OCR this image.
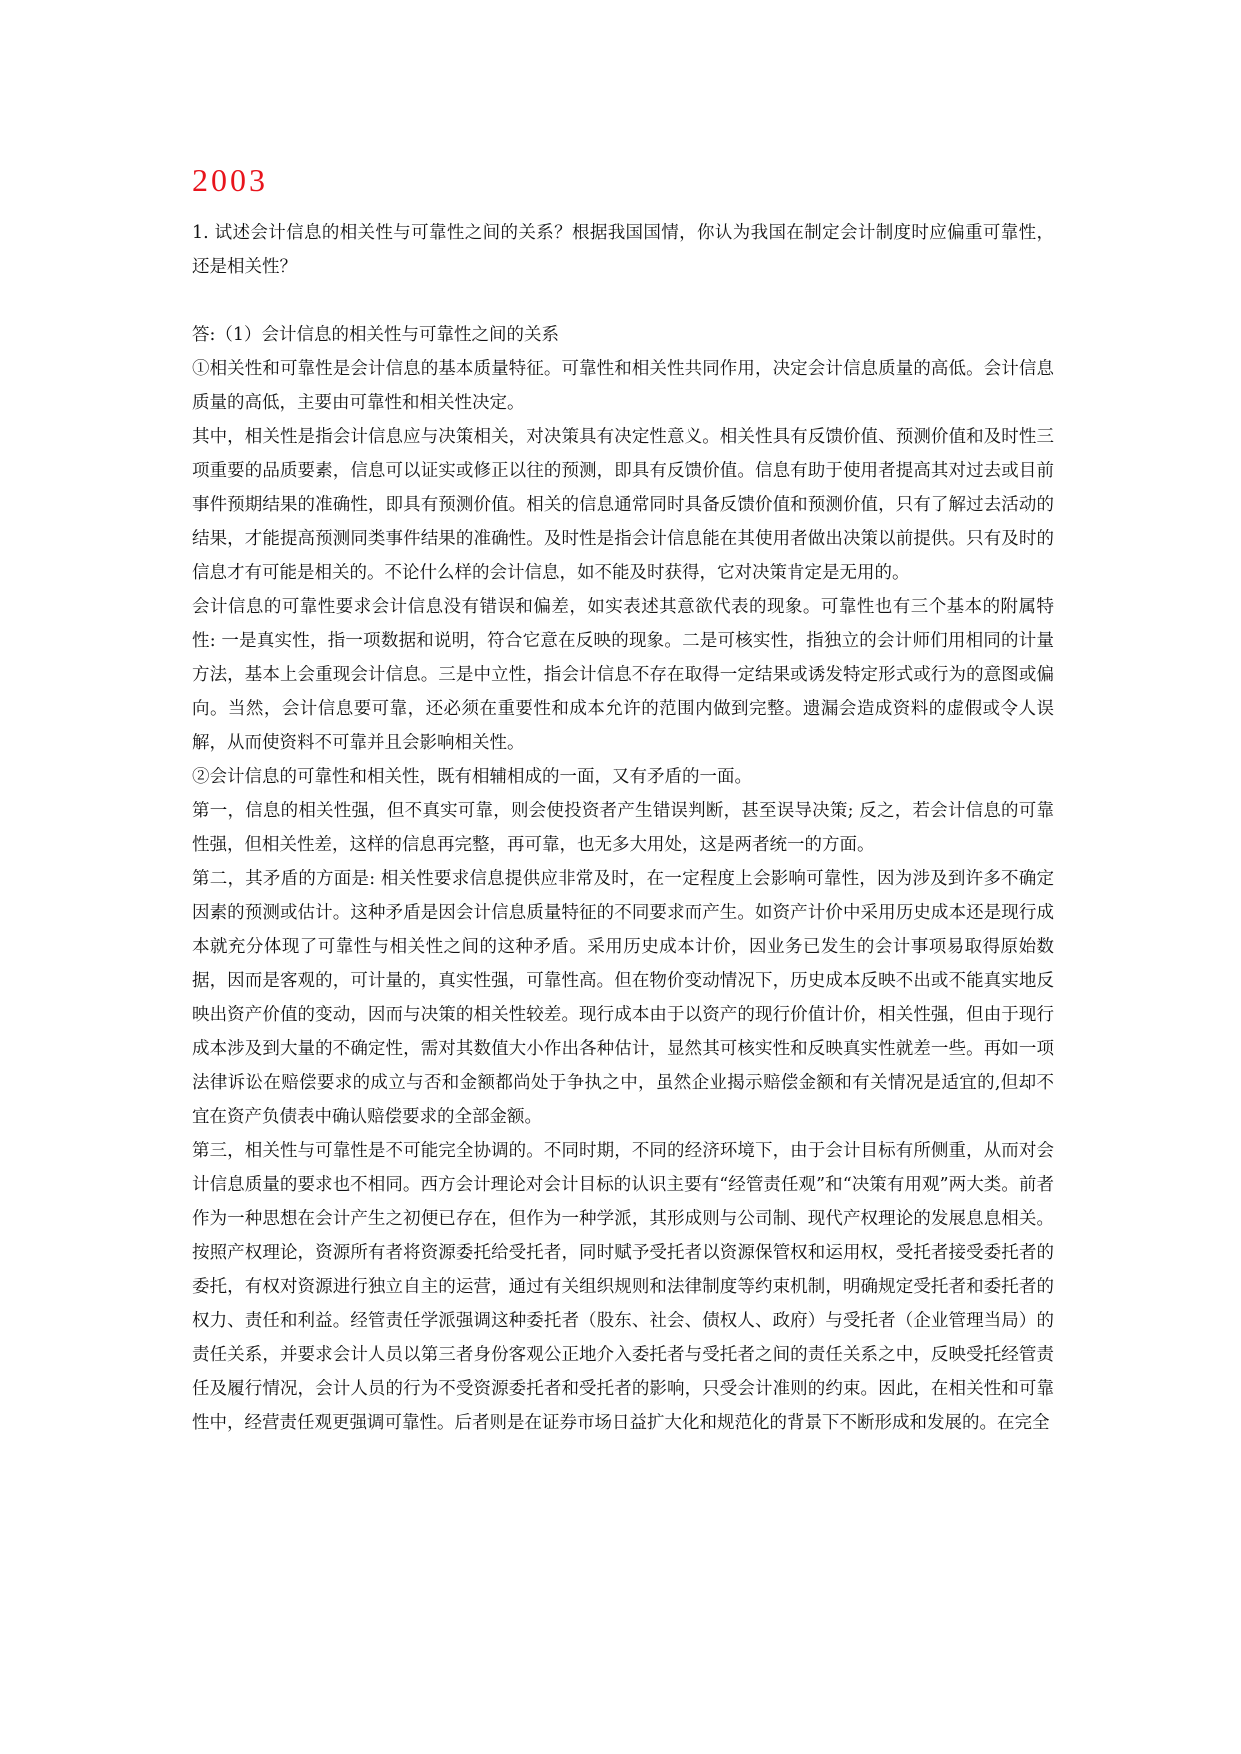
2003

1. 试述会计信息的相关性与可靠性之间的关系？根据我国国情，你认为我国在制定会计制度时应偏重可靠性，还是相关性？

答:（1）会计信息的相关性与可靠性之间的关系

①相关性和可靠性是会计信息的基本质量特征。可靠性和相关性共同作用，决定会计信息质量的高低。会计信息质量的高低，主要由可靠性和相关性决定。

其中，相关性是指会计信息应与决策相关，对决策具有决定性意义。相关性具有反馈价值、预测价值和及时性三项重要的品质要素，信息可以证实或修正以往的预测，即具有反馈价值。信息有助于使用者提高其对过去或目前事件预期结果的准确性，即具有预测价值。相关的信息通常同时具备反馈价值和预测价值，只有了解过去活动的结果，才能提高预测同类事件结果的准确性。及时性是指会计信息能在其使用者做出决策以前提供。只有及时的信息才有可能是相关的。不论什么样的会计信息，如不能及时获得，它对决策肯定是无用的。

会计信息的可靠性要求会计信息没有错误和偏差，如实表述其意欲代表的现象。可靠性也有三个基本的附属特性: 一是真实性，指一项数据和说明，符合它意在反映的现象。二是可核实性，指独立的会计师们用相同的计量方法，基本上会重现会计信息。三是中立性，指会计信息不存在取得一定结果或诱发特定形式或行为的意图或偏向。当然，会计信息要可靠，还必须在重要性和成本允许的范围内做到完整。遗漏会造成资料的虚假或令人误解，从而使资料不可靠并且会影响相关性。

②会计信息的可靠性和相关性，既有相辅相成的一面，又有矛盾的一面。

第一，信息的相关性强，但不真实可靠，则会使投资者产生错误判断，甚至误导决策; 反之，若会计信息的可靠性强，但相关性差，这样的信息再完整，再可靠，也无多大用处，这是两者统一的方面。

第二，其矛盾的方面是: 相关性要求信息提供应非常及时，在一定程度上会影响可靠性，因为涉及到许多不确定因素的预测或估计。这种矛盾是因会计信息质量特征的不同要求而产生。如资产计价中采用历史成本还是现行成本就充分体现了可靠性与相关性之间的这种矛盾。采用历史成本计价，因业务已发生的会计事项易取得原始数据，因而是客观的，可计量的，真实性强，可靠性高。但在物价变动情况下，历史成本反映不出或不能真实地反映出资产价值的变动，因而与决策的相关性较差。现行成本由于以资产的现行价值计价，相关性强，但由于现行成本涉及到大量的不确定性，需对其数值大小作出各种估计，显然其可核实性和反映真实性就差一些。再如一项法律诉讼在赔偿要求的成立与否和金额都尚处于争执之中，虽然企业揭示赔偿金额和有关情况是适宜的,但却不宜在资产负债表中确认赔偿要求的全部金额。

第三，相关性与可靠性是不可能完全协调的。不同时期，不同的经济环境下，由于会计目标有所侧重，从而对会计信息质量的要求也不相同。西方会计理论对会计目标的认识主要有“经管责任观”和“决策有用观”两大类。前者作为一种思想在会计产生之初便已存在，但作为一种学派，其形成则与公司制、现代产权理论的发展息息相关。按照产权理论，资源所有者将资源委托给受托者，同时赋予受托者以资源保管权和运用权，受托者接受委托者的委托，有权对资源进行独立自主的运营，通过有关组织规则和法律制度等约束机制，明确规定受托者和委托者的权力、责任和利益。经管责任学派强调这种委托者（股东、社会、债权人、政府）与受托者（企业管理当局）的责任关系，并要求会计人员以第三者身份客观公正地介入委托者与受托者之间的责任关系之中，反映受托经管责任及履行情况，会计人员的行为不受资源委托者和受托者的影响，只受会计准则的约束。因此，在相关性和可靠性中，经营责任观更强调可靠性。后者则是在证券市场日益扩大化和规范化的背景下不断形成和发展的。在完全
